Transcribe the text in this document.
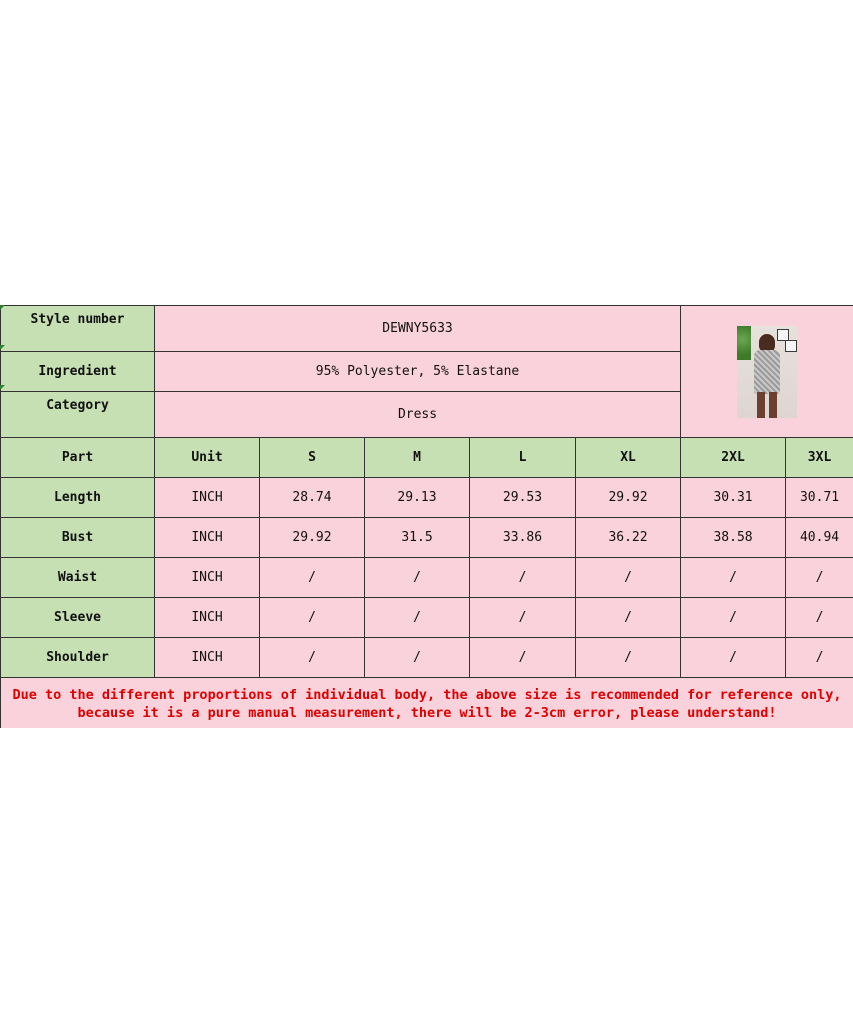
Style number	DEWNY5633						

Ingredient	95% Polyester, 5% Elastane						
Category	Dress						
Part	Unit	S	M	L	XL	2XL	3XL
Length	INCH	28.74	29.13	29.53	29.92	30.31	30.71
Bust	INCH	29.92	31.5	33.86	36.22	38.58	40.94
Waist	INCH	/	/	/	/	/	/
Sleeve	INCH	/	/	/	/	/	/
Shoulder	INCH	/	/	/	/	/	/
Due to the different proportions of individual body, the above size is recommended for reference only, because it is a pure manual measurement, there will be 2-3cm error, please understand!							
